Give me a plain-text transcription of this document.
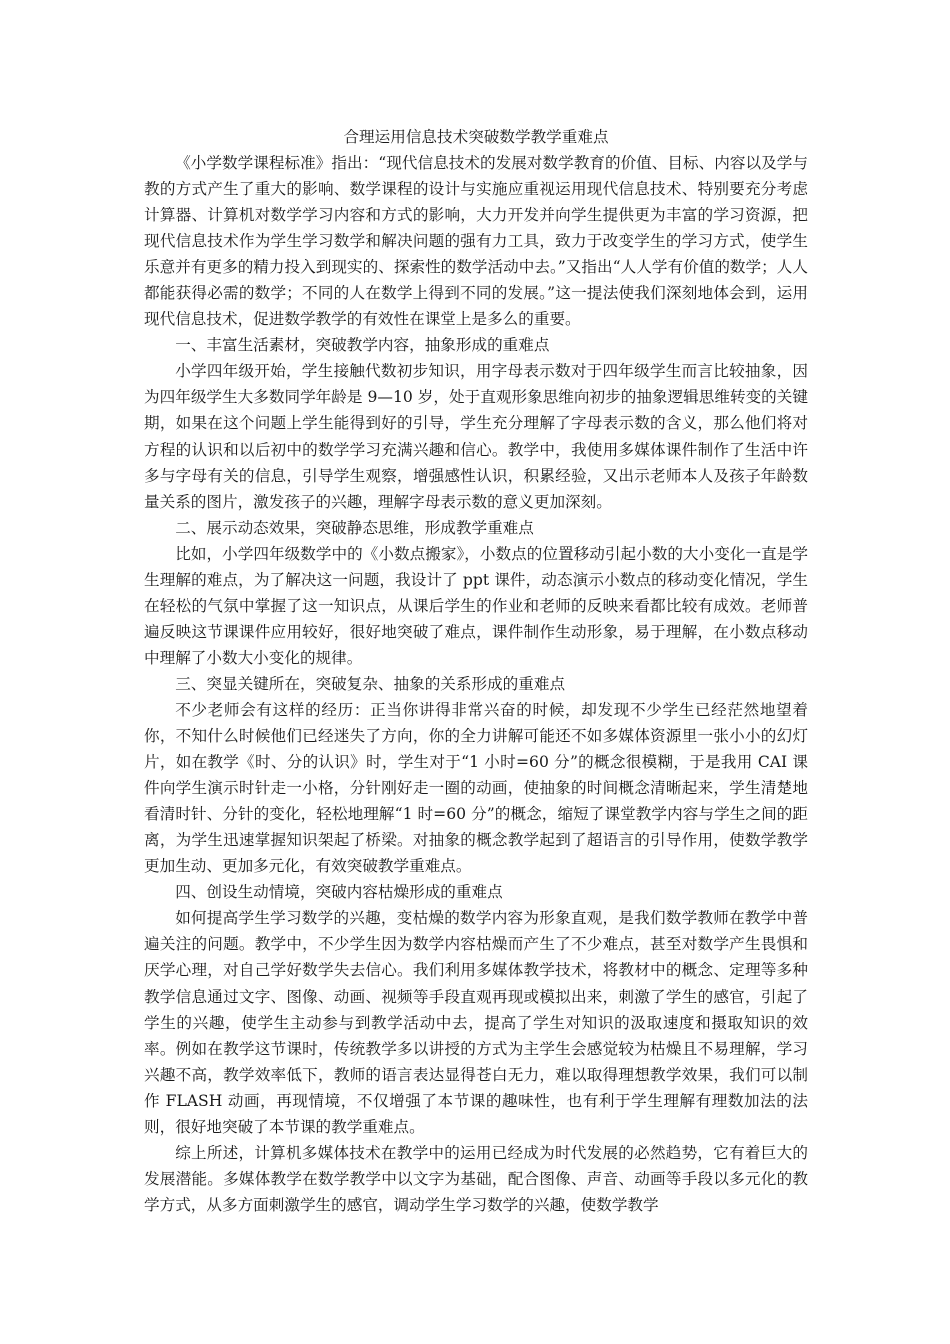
合理运用信息技术突破数学教学重难点

《小学数学课程标准》指出：“现代信息技术的发展对数学教育的价值、目标、内容以及学与教的方式产生了重大的影响、数学课程的设计与实施应重视运用现代信息技术、特别要充分考虑计算器、计算机对数学学习内容和方式的影响，大力开发并向学生提供更为丰富的学习资源，把现代信息技术作为学生学习数学和解决问题的强有力工具，致力于改变学生的学习方式，使学生乐意并有更多的精力投入到现实的、探索性的数学活动中去。”又指出“人人学有价值的数学；人人都能获得必需的数学；不同的人在数学上得到不同的发展。”这一提法使我们深刻地体会到，运用现代信息技术，促进数学教学的有效性在课堂上是多么的重要。

一、丰富生活素材，突破教学内容，抽象形成的重难点

小学四年级开始，学生接触代数初步知识，用字母表示数对于四年级学生而言比较抽象，因为四年级学生大多数同学年龄是 9—10 岁，处于直观形象思维向初步的抽象逻辑思维转变的关键期，如果在这个问题上学生能得到好的引导，学生充分理解了字母表示数的含义，那么他们将对方程的认识和以后初中的数学学习充满兴趣和信心。教学中，我使用多媒体课件制作了生活中许多与字母有关的信息，引导学生观察，增强感性认识，积累经验，又出示老师本人及孩子年龄数量关系的图片，激发孩子的兴趣，理解字母表示数的意义更加深刻。

二、展示动态效果，突破静态思维，形成教学重难点

比如，小学四年级数学中的《小数点搬家》，小数点的位置移动引起小数的大小变化一直是学生理解的难点，为了解决这一问题，我设计了 ppt 课件，动态演示小数点的移动变化情况，学生在轻松的气氛中掌握了这一知识点，从课后学生的作业和老师的反映来看都比较有成效。老师普遍反映这节课课件应用较好，很好地突破了难点，课件制作生动形象，易于理解，在小数点移动中理解了小数大小变化的规律。

三、突显关键所在，突破复杂、抽象的关系形成的重难点

不少老师会有这样的经历：正当你讲得非常兴奋的时候，却发现不少学生已经茫然地望着你，不知什么时候他们已经迷失了方向，你的全力讲解可能还不如多媒体资源里一张小小的幻灯片，如在教学《时、分的认识》时，学生对于“1 小时=60 分”的概念很模糊，于是我用 CAI 课件向学生演示时针走一小格，分针刚好走一圈的动画，使抽象的时间概念清晰起来，学生清楚地看清时针、分针的变化，轻松地理解“1 时=60 分”的概念，缩短了课堂教学内容与学生之间的距离，为学生迅速掌握知识架起了桥梁。对抽象的概念教学起到了超语言的引导作用，使数学教学更加生动、更加多元化，有效突破教学重难点。

四、创设生动情境，突破内容枯燥形成的重难点

如何提高学生学习数学的兴趣，变枯燥的数学内容为形象直观，是我们数学教师在教学中普遍关注的问题。教学中，不少学生因为数学内容枯燥而产生了不少难点，甚至对数学产生畏惧和厌学心理，对自己学好数学失去信心。我们利用多媒体教学技术，将教材中的概念、定理等多种教学信息通过文字、图像、动画、视频等手段直观再现或模拟出来，刺激了学生的感官，引起了学生的兴趣，使学生主动参与到教学活动中去，提高了学生对知识的汲取速度和摄取知识的效率。例如在教学这节课时，传统教学多以讲授的方式为主学生会感觉较为枯燥且不易理解，学习兴趣不高，教学效率低下，教师的语言表达显得苍白无力，难以取得理想教学效果，我们可以制作 FLASH 动画，再现情境，不仅增强了本节课的趣味性，也有利于学生理解有理数加法的法则，很好地突破了本节课的教学重难点。

综上所述，计算机多媒体技术在教学中的运用已经成为时代发展的必然趋势，它有着巨大的发展潜能。多媒体教学在数学教学中以文字为基础，配合图像、声音、动画等手段以多元化的教学方式，从多方面刺激学生的感官，调动学生学习数学的兴趣，使数学教学
